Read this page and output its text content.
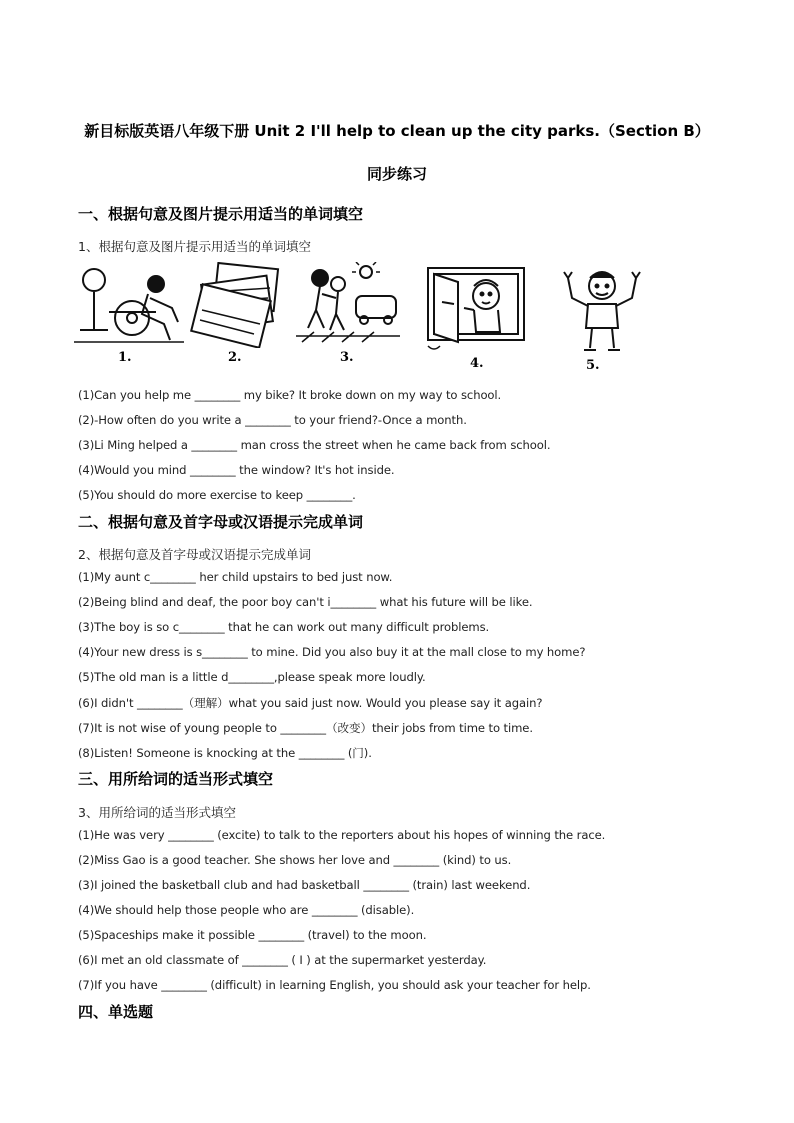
新目标版英语八年级下册 Unit 2 I'll help to clean up the city parks.（Section B）
同步练习
一、根据句意及图片提示用适当的单词填空
1、根据句意及图片提示用适当的单词填空
1.	2.	3.	4.	5.
(1)Can you help me ________ my bike? It broke down on my way to school.
(2)-How often do you write a ________ to your friend?-Once a month.
(3)Li Ming helped a ________ man cross the street when he came back from school.
(4)Would you mind ________ the window? It's hot inside.
(5)You should do more exercise to keep ________.
二、根据句意及首字母或汉语提示完成单词
2、根据句意及首字母或汉语提示完成单词
(1)My aunt c________ her child upstairs to bed just now.
(2)Being blind and deaf, the poor boy can't i________ what his future will be like.
(3)The boy is so c________ that he can work out many difficult problems.
(4)Your new dress is s________ to mine. Did you also buy it at the mall close to my home?
(5)The old man is a little d________,please speak more loudly.
(6)I didn't ________（理解）what you said just now. Would you please say it again?
(7)It is not wise of young people to ________（改变）their jobs from time to time.
(8)Listen! Someone is knocking at the ________ (门).
三、用所给词的适当形式填空
3、用所给词的适当形式填空
(1)He was very ________ (excite) to talk to the reporters about his hopes of winning the race.
(2)Miss Gao is a good teacher. She shows her love and ________ (kind) to us.
(3)I joined the basketball club and had basketball ________ (train) last weekend.
(4)We should help those people who are ________ (disable).
(5)Spaceships make it possible ________ (travel) to the moon.
(6)I met an old classmate of ________ ( I ) at the supermarket yesterday.
(7)If you have ________ (difficult) in learning English, you should ask your teacher for help.
四、单选题
